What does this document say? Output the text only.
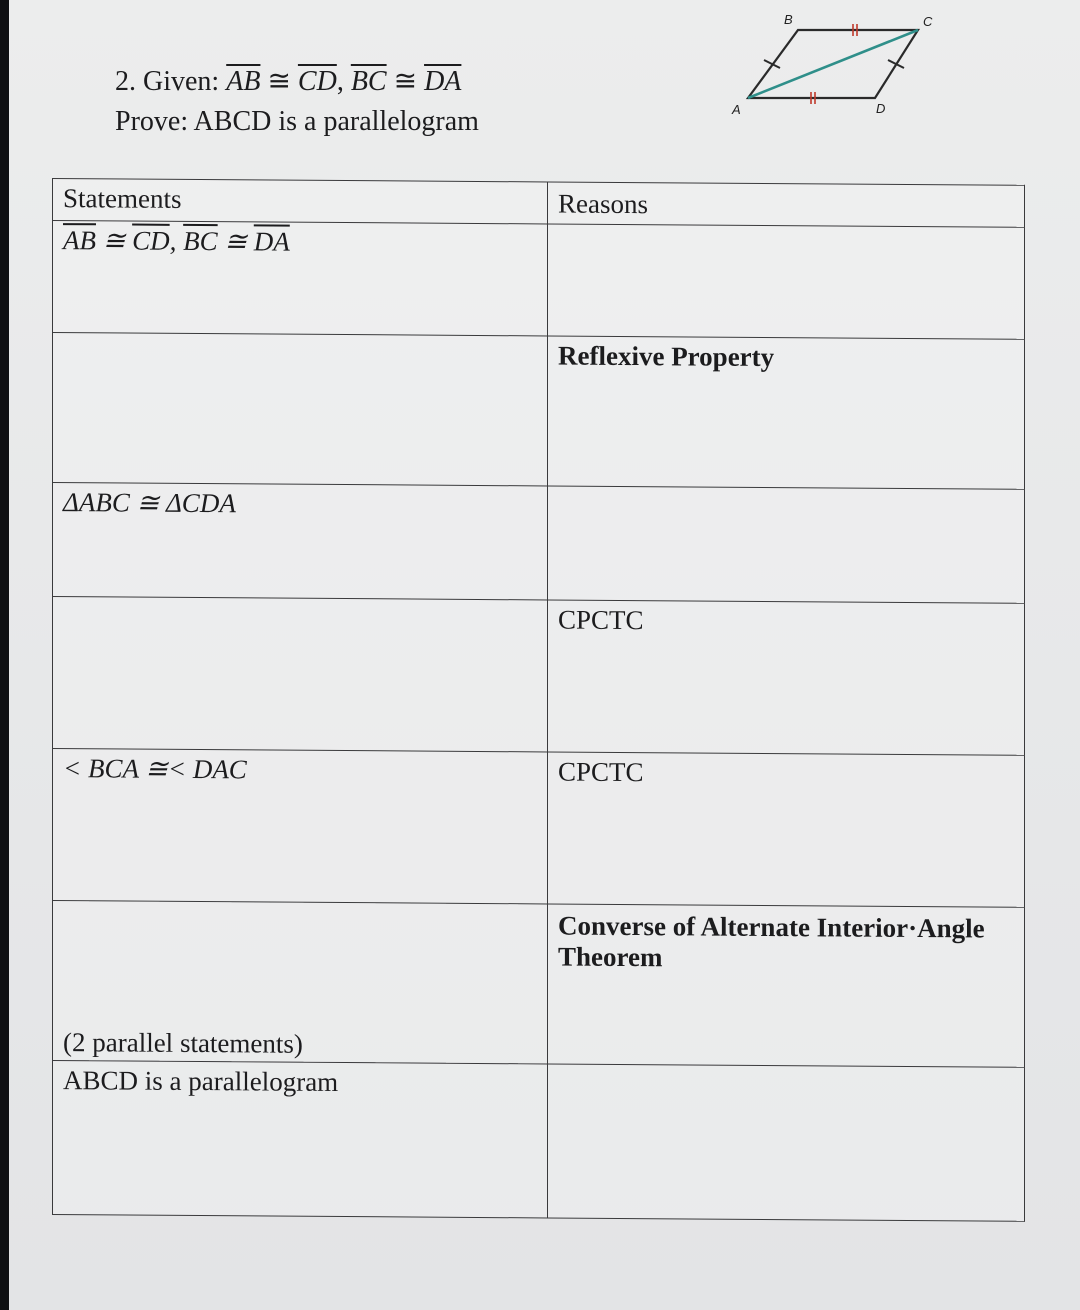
2. Given: $\overline{AB}$ ≅ $\overline{CD}$, $\overline{BC}$ ≅ $\overline{DA}$
Prove: ABCD is a parallelogram	A
B	C
D
Statements	Reasons

$\overline{AB}$ ≅ $\overline{CD}$, $\overline{BC}$ ≅ $\overline{DA}$

	Reflexive Property

ΔABC ≅ ΔCDA	

	CPCTC

< BCA ≅< DAC	CPCTC

(2 parallel statements)	Converse of Alternate Interior·Angle
Theorem

ABCD is a parallelogram	
